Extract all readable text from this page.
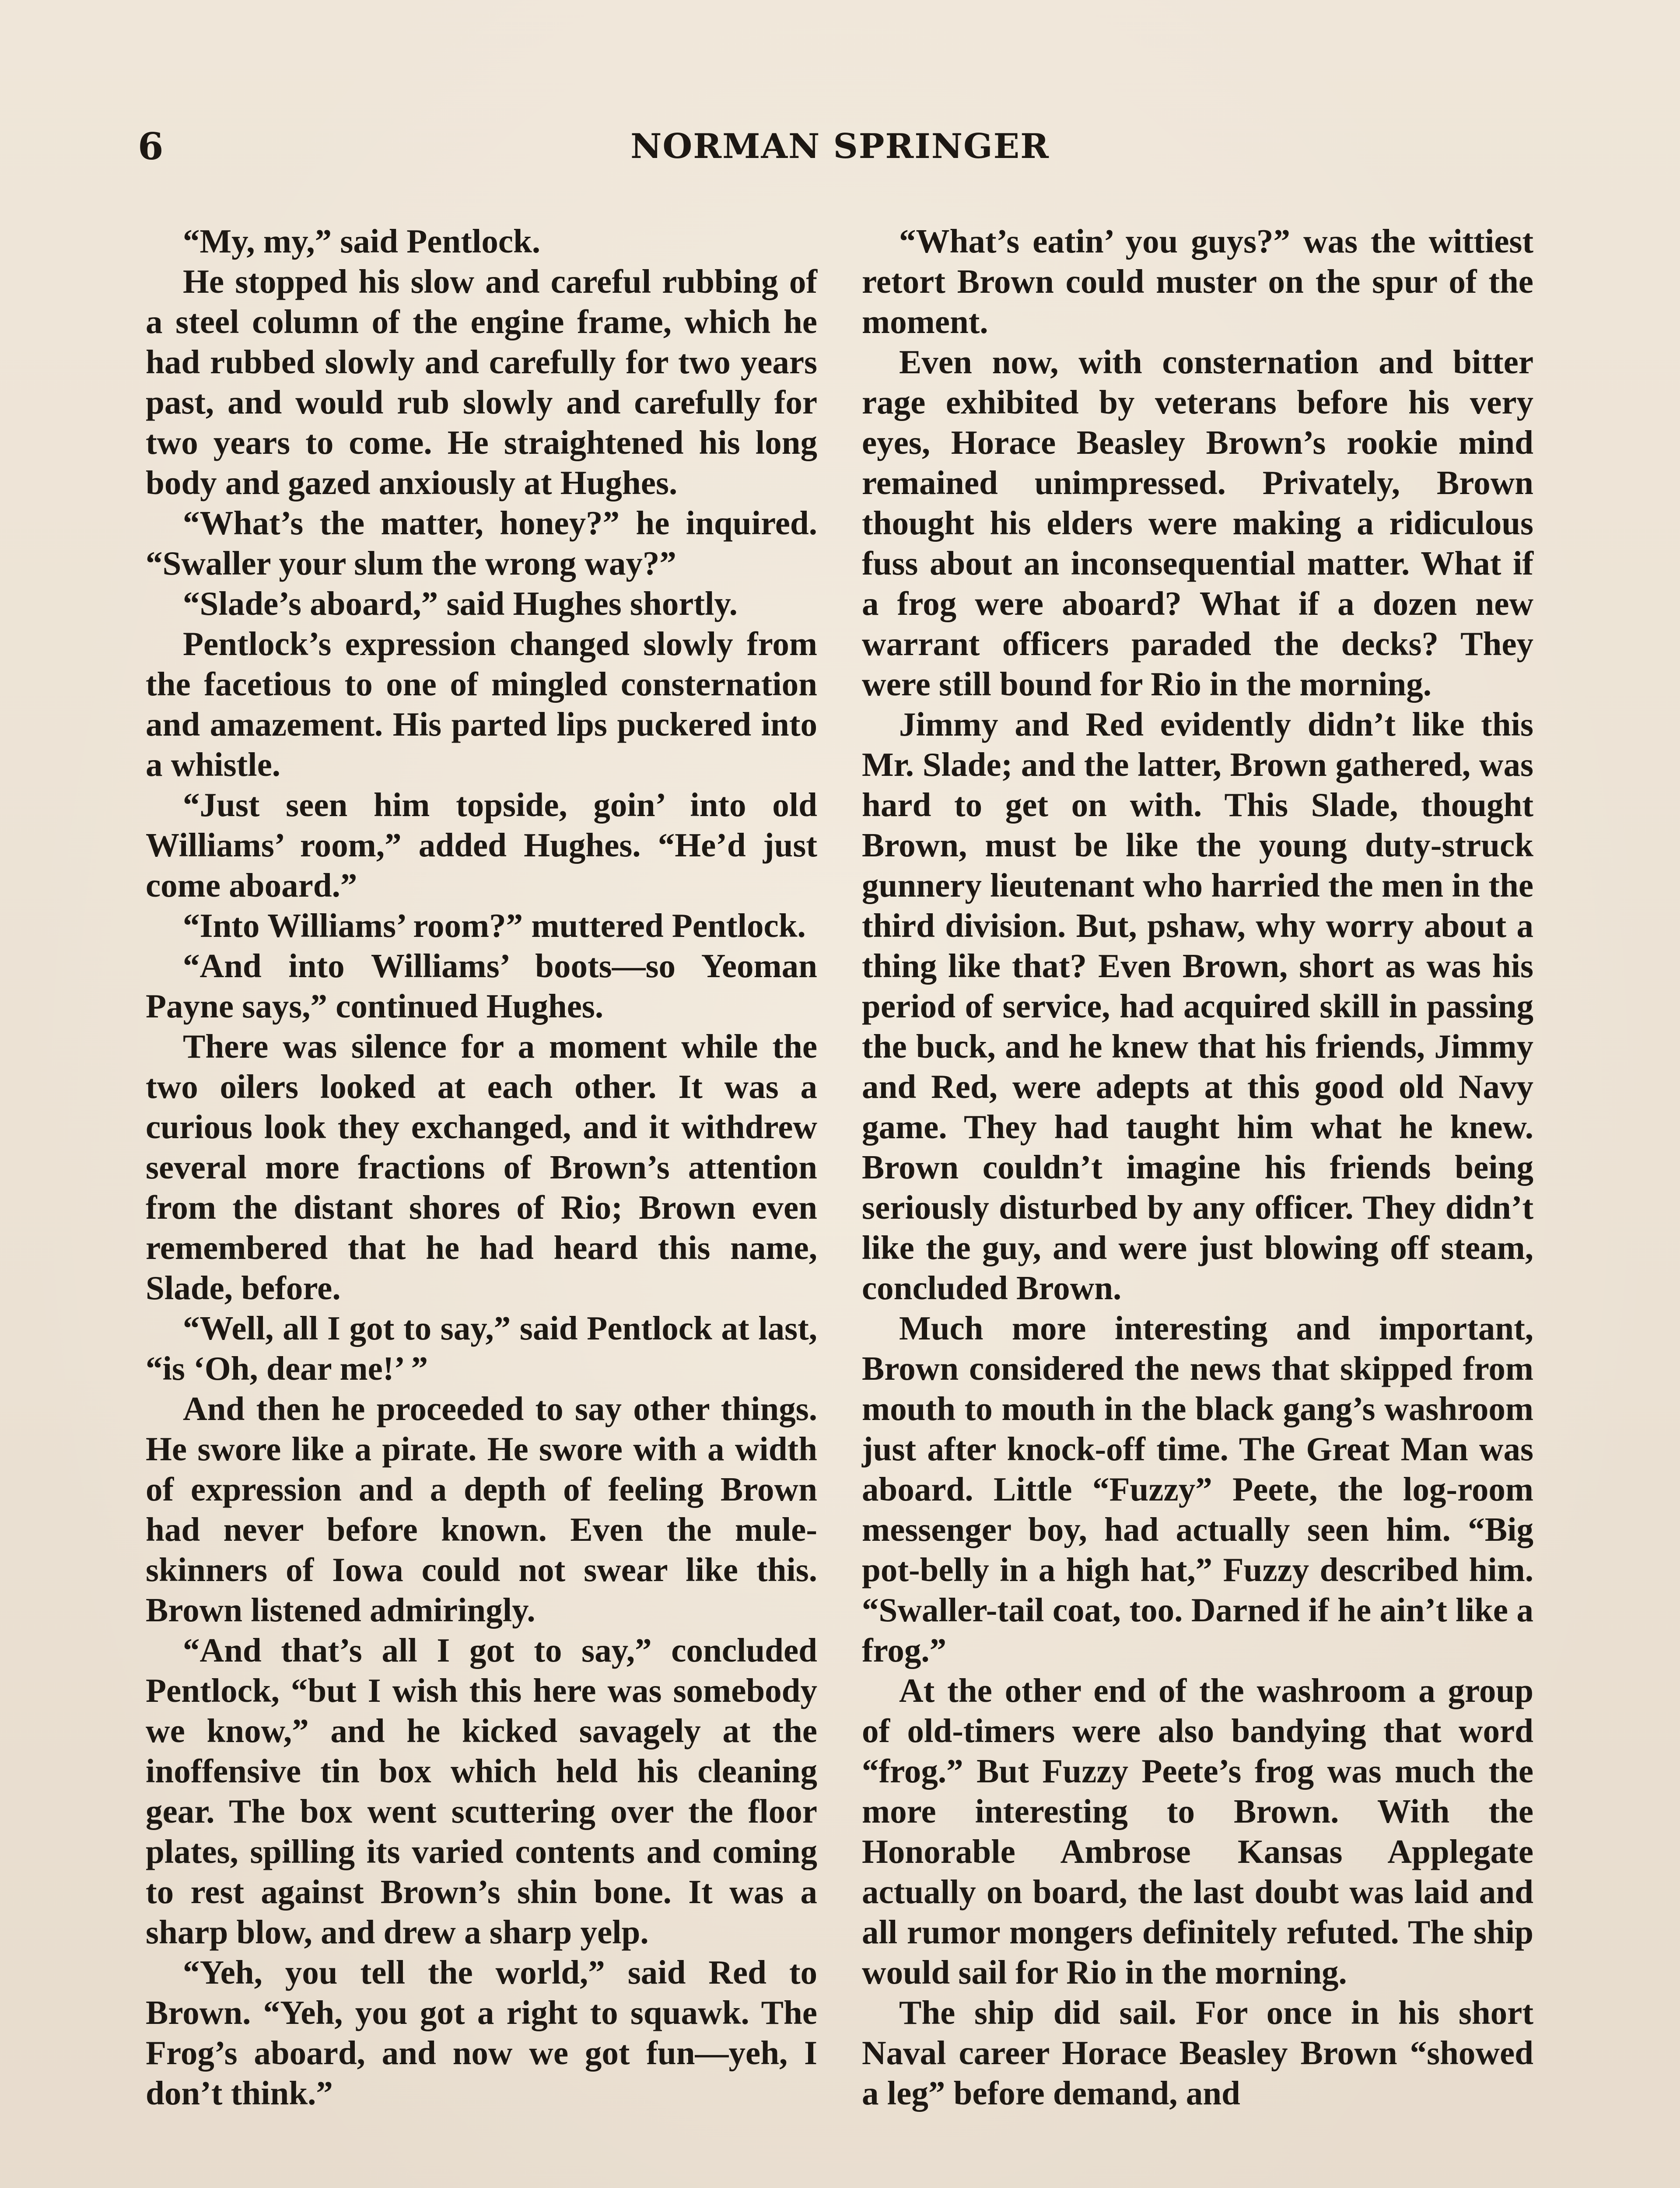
6	NORMAN SPRINGER

“My, my,” said Pentlock.

He stopped his slow and careful rubbing of a steel column of the engine frame, which he had rubbed slowly and carefully for two years past, and would rub slowly and carefully for two years to come. He straightened his long body and gazed anxiously at Hughes.

“What’s the matter, honey?” he inquired. “Swaller your slum the wrong way?”

“Slade’s aboard,” said Hughes shortly.

Pentlock’s expression changed slowly from the facetious to one of mingled consternation and amazement. His parted lips puckered into a whistle.

“Just seen him topside, goin’ into old Williams’ room,” added Hughes. “He’d just come aboard.”

“Into Williams’ room?” muttered Pentlock.

“And into Williams’ boots—so Yeoman Payne says,” continued Hughes.

There was silence for a moment while the two oilers looked at each other. It was a curious look they exchanged, and it withdrew several more fractions of Brown’s attention from the distant shores of Rio; Brown even remembered that he had heard this name, Slade, before.

“Well, all I got to say,” said Pentlock at last, “is ‘Oh, dear me!’ ”

And then he proceeded to say other things. He swore like a pirate. He swore with a width of expression and a depth of feeling Brown had never before known. Even the mule-skinners of Iowa could not swear like this. Brown listened admiringly.

“And that’s all I got to say,” concluded Pentlock, “but I wish this here was somebody we know,” and he kicked savagely at the inoffensive tin box which held his cleaning gear. The box went scuttering over the floor plates, spilling its varied contents and coming to rest against Brown’s shin bone. It was a sharp blow, and drew a sharp yelp.

“Yeh, you tell the world,” said Red to Brown. “Yeh, you got a right to squawk. The Frog’s aboard, and now we got fun—yeh, I don’t think.”

“What’s eatin’ you guys?” was the wittiest retort Brown could muster on the spur of the moment.

Even now, with consternation and bitter rage exhibited by veterans before his very eyes, Horace Beasley Brown’s rookie mind remained unimpressed. Privately, Brown thought his elders were making a ridiculous fuss about an inconsequential matter. What if a frog were aboard? What if a dozen new warrant officers paraded the decks? They were still bound for Rio in the morning.

Jimmy and Red evidently didn’t like this Mr. Slade; and the latter, Brown gathered, was hard to get on with. This Slade, thought Brown, must be like the young duty-struck gunnery lieutenant who harried the men in the third division. But, pshaw, why worry about a thing like that? Even Brown, short as was his period of service, had acquired skill in passing the buck, and he knew that his friends, Jimmy and Red, were adepts at this good old Navy game. They had taught him what he knew. Brown couldn’t imagine his friends being seriously disturbed by any officer. They didn’t like the guy, and were just blowing off steam, concluded Brown.

Much more interesting and important, Brown considered the news that skipped from mouth to mouth in the black gang’s washroom just after knock-off time. The Great Man was aboard. Little “Fuzzy” Peete, the log-room messenger boy, had actually seen him. “Big pot-belly in a high hat,” Fuzzy described him. “Swaller-tail coat, too. Darned if he ain’t like a frog.”

At the other end of the washroom a group of old-timers were also bandying that word “frog.” But Fuzzy Peete’s frog was much the more interesting to Brown. With the Honorable Ambrose Kansas Applegate actually on board, the last doubt was laid and all rumor mongers definitely refuted. The ship would sail for Rio in the morning.

The ship did sail. For once in his short Naval career Horace Beasley Brown “showed a leg” before demand, and
